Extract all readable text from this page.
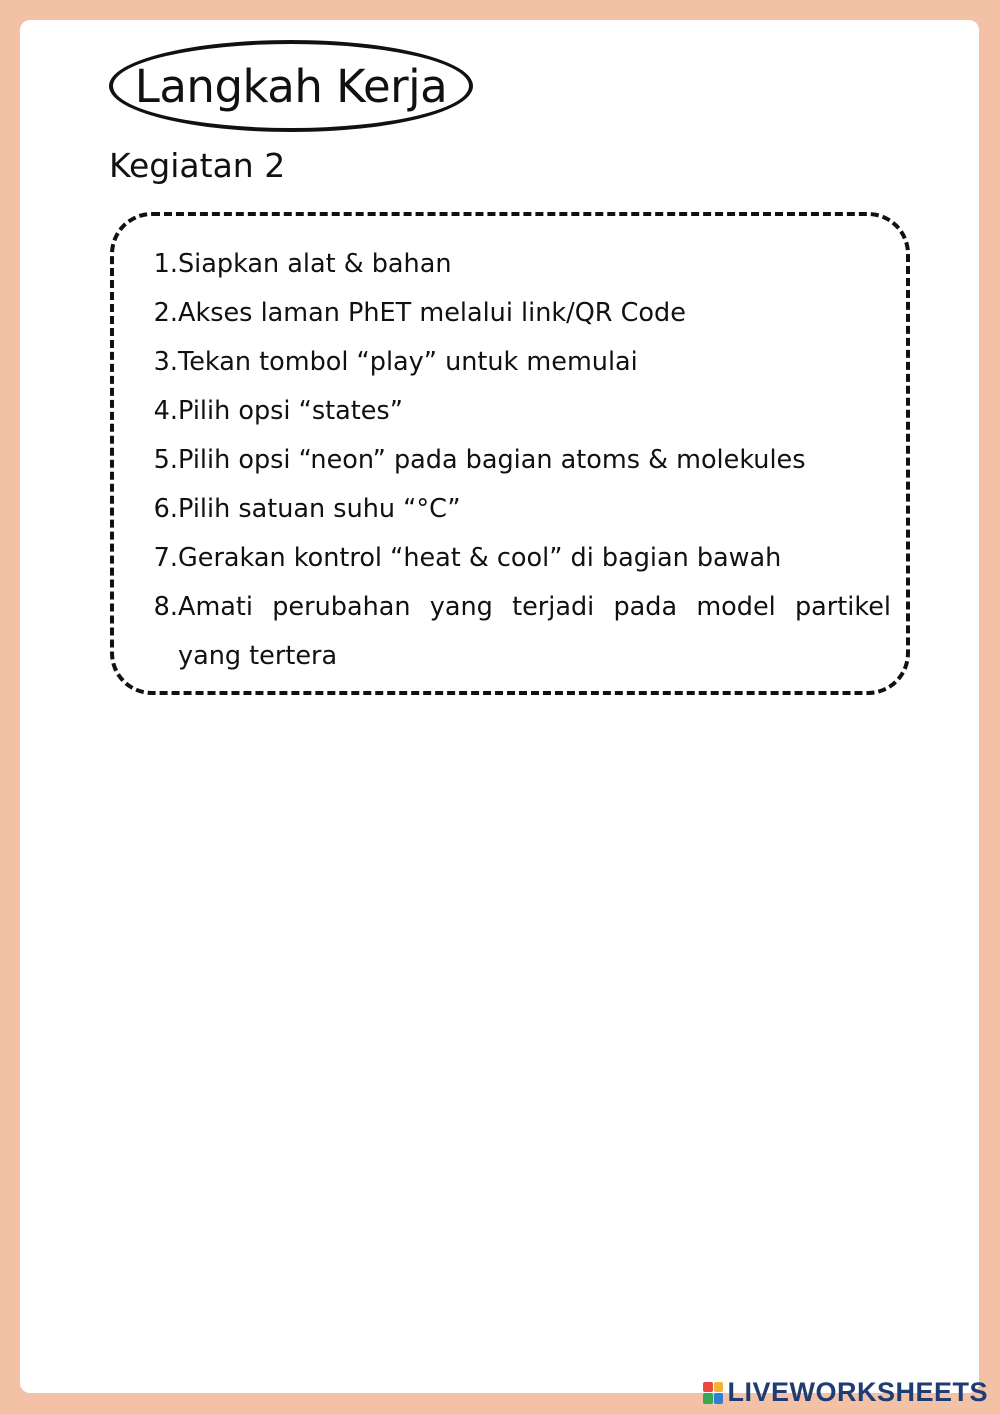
Langkah Kerja
Kegiatan 2
1. Siapkan alat & bahan
2. Akses laman PhET melalui link/QR Code
3. Tekan tombol “play” untuk memulai
4. Pilih opsi “states”
5. Pilih opsi “neon” pada bagian atoms & molekules
6. Pilih satuan suhu “°C”
7. Gerakan kontrol “heat & cool” di bagian bawah
8. Amati perubahan yang terjadi pada model partikel yang tertera
LIVEWORKSHEETS
